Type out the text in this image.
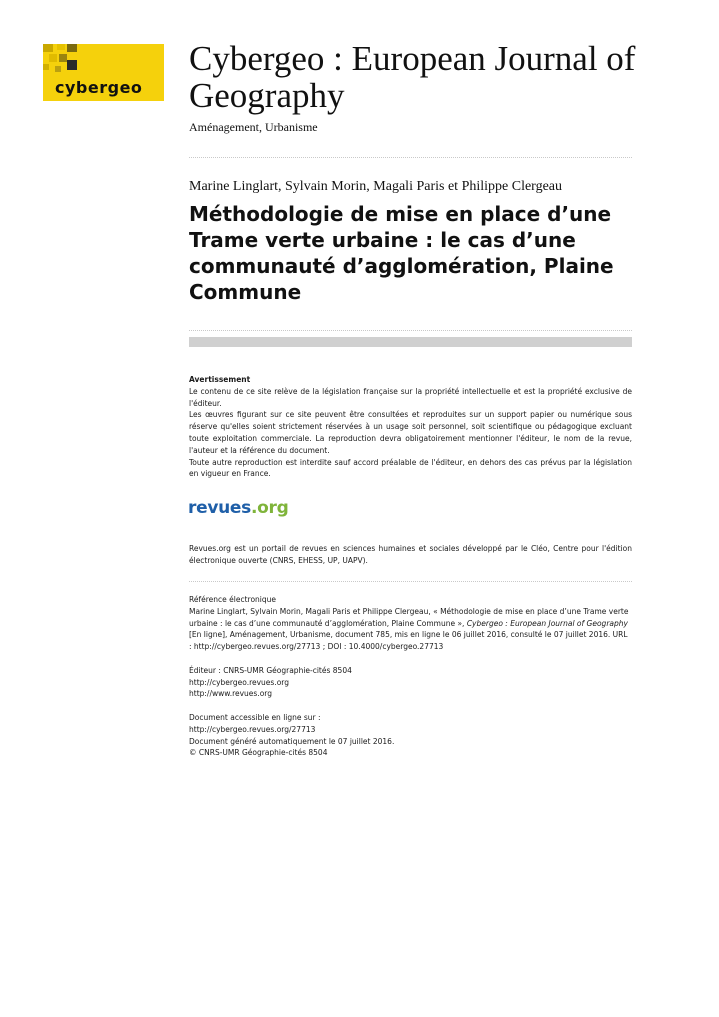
cybergeo
Cybergeo : European Journal of Geography
Aménagement, Urbanisme
Marine Linglart, Sylvain Morin, Magali Paris et Philippe Clergeau
Méthodologie de mise en place d’une Trame verte urbaine : le cas d’une communauté d’agglomération, Plaine Commune

Avertissement

Le contenu de ce site relève de la législation française sur la propriété intellectuelle et est la propriété exclusive de l'éditeur.

Les œuvres figurant sur ce site peuvent être consultées et reproduites sur un support papier ou numérique sous réserve qu'elles soient strictement réservées à un usage soit personnel, soit scientifique ou pédagogique excluant toute exploitation commerciale. La reproduction devra obligatoirement mentionner l'éditeur, le nom de la revue, l'auteur et la référence du document.

Toute autre reproduction est interdite sauf accord préalable de l'éditeur, en dehors des cas prévus par la législation en vigueur en France.

revues.org

Revues.org est un portail de revues en sciences humaines et sociales développé par le Cléo, Centre pour l'édition électronique ouverte (CNRS, EHESS, UP, UAPV).

Référence électronique

Marine Linglart, Sylvain Morin, Magali Paris et Philippe Clergeau, « Méthodologie de mise en place d’une Trame verte urbaine : le cas d’une communauté d’agglomération, Plaine Commune », Cybergeo : European Journal of Geography [En ligne], Aménagement, Urbanisme, document 785, mis en ligne le 06 juillet 2016, consulté le 07 juillet 2016. URL : http://cybergeo.revues.org/27713 ; DOI : 10.4000/cybergeo.27713

Éditeur : CNRS-UMR Géographie-cités 8504

http://cybergeo.revues.org

http://www.revues.org

Document accessible en ligne sur :

http://cybergeo.revues.org/27713

Document généré automatiquement le 07 juillet 2016.

© CNRS-UMR Géographie-cités 8504
